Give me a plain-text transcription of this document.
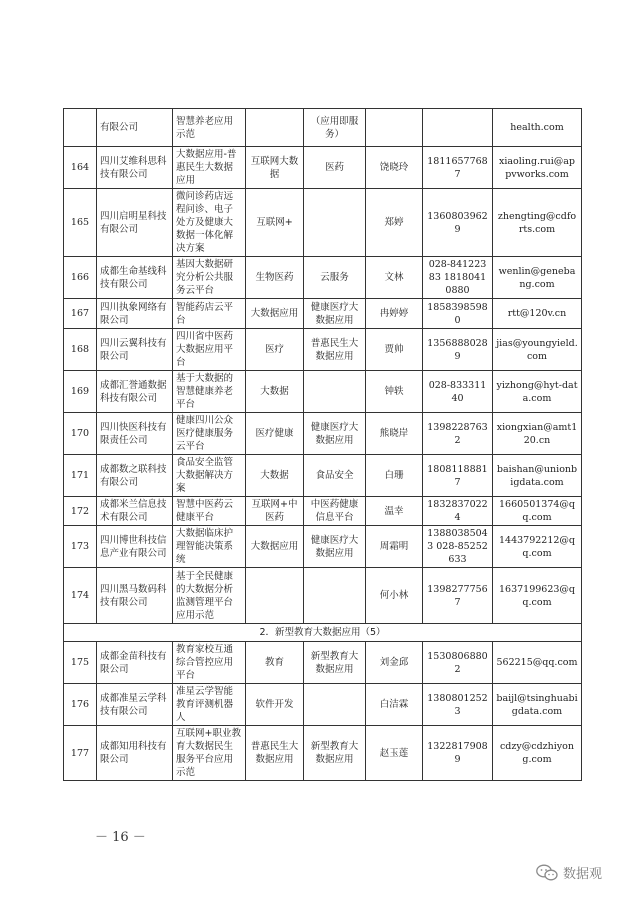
	有限公司	智慧养老应用示范		（应用即服务）			health.com
164	四川艾维科思科技有限公司	大数据应用-普惠民生大数据应用	互联网大数据	医药	饶晓玲	18116577687	xiaoling.rui@appvworks.com
165	四川启明星科技有限公司	微问诊药店远程问诊、电子处方及健康大数据一体化解决方案	互联网+		郑婷	13608039629	zhengting@cdforts.com
166	成都生命基线科技有限公司	基因大数据研究分析公共服务云平台	生物医药	云服务	文林	028-84122383 18180410880	wenlin@genebang.com
167	四川执象网络有限公司	智能药店云平台	大数据应用	健康医疗大数据应用	冉婷婷	18583985980	rtt@120v.cn
168	四川云翼科技有限公司	四川省中医药大数据应用平台	医疗	普惠民生大数据应用	贾帅	13568880289	jias@youngyield.com
169	成都汇誉通数据科技有限公司	基于大数据的智慧健康养老平台	大数据		钟轶	028-83331140	yizhong@hyt-data.com
170	四川快医科技有限责任公司	健康四川公众医疗健康服务云平台	医疗健康	健康医疗大数据应用	熊晓岸	13982287632	xiongxian@amt120.cn
171	成都数之联科技有限公司	食品安全监管大数据解决方案	大数据	食品安全	白珊	18081188817	baishan@unionbigdata.com
172	成都米兰信息技术有限公司	智慧中医药云健康平台	互联网+中医药	中医药健康信息平台	温幸	18328370224	1660501374@qq.com
173	四川博世科技信息产业有限公司	大数据临床护理智能决策系统	大数据应用	健康医疗大数据应用	周霜明	13880385043 028-85252633	1443792212@qq.com
174	四川黑马数码科技有限公司	基于全民健康的大数据分析监测管理平台应用示范			何小林	13982777567	1637199623@qq.com
2．新型教育大数据应用（5）							
175	成都金苗科技有限公司	教育家校互通综合管控应用平台	教育	新型教育大数据应用	刘金邱	15308068802	562215@qq.com
176	成都准星云学科技有限公司	准星云学智能教育评测机器人	软件开发		白洁霖	13808012523	baijl@tsinghuabigdata.com
177	成都知用科技有限公司	互联网+职业教育大数据民生服务平台应用示范	普惠民生大数据应用	新型教育大数据应用	赵玉莲	13228179089	cdzy@cdzhiyong.com
－ 16 －
数据观
